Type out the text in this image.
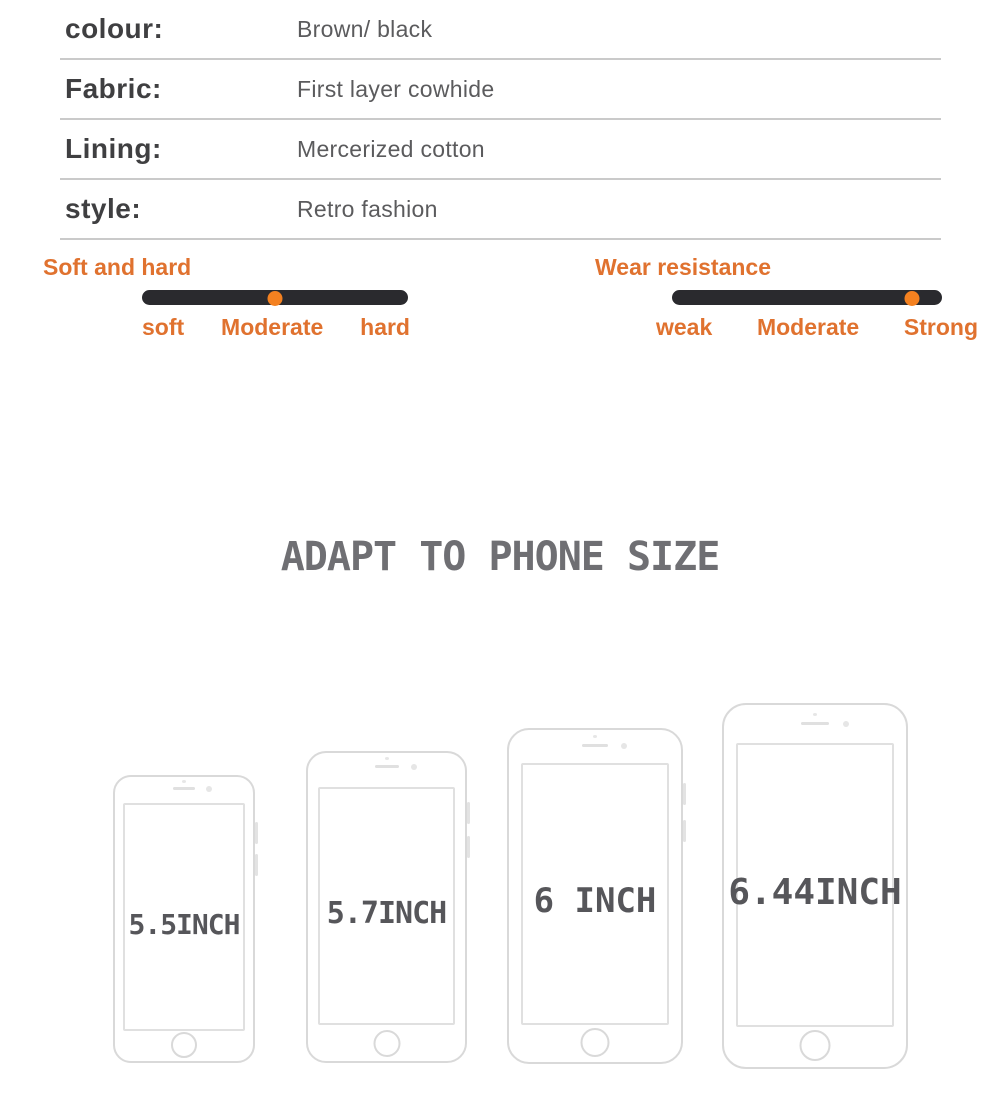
colour:	Brown/ black
Fabric:	First layer cowhide
Lining:	Mercerized cotton
style:	Retro fashion
Soft and hard
soft Moderate hard
Wear resistance
weak Moderate Strong
ADAPT TO PHONE SIZE
5.5INCH	5.7INCH	6 INCH 6.44INCH
